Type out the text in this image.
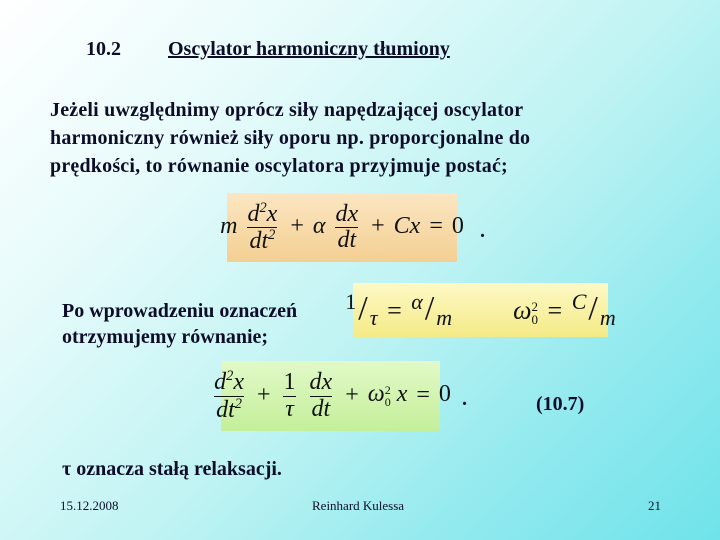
10.2 Oscylator harmoniczny tłumiony
Jeżeli uwzględnimy oprócz siły napędzającej oscylator
harmoniczny również siły oporu np. proporcjonalne do
prędkości, to równanie oscylatora przyjmuje postać;
m $\frac{d^2x}{dt^2} + \alpha \frac{dx}{dt} + Cx = 0$ .
Po wprowadzeniu oznaczeń
otrzymujemy równanie;
$^1/_\tau = ^\alpha/_m$ ω 2
$0 = ^C/_m$
$\frac{d^2x}{dt^2} + \frac{1}{\tau}$
$\frac{dx}{dt} + \omega$ 2
0 x = 0 .	(10.7)
τ oznacza stałą relaksacji.
15.12.2008	Reinhard Kulessa	21
